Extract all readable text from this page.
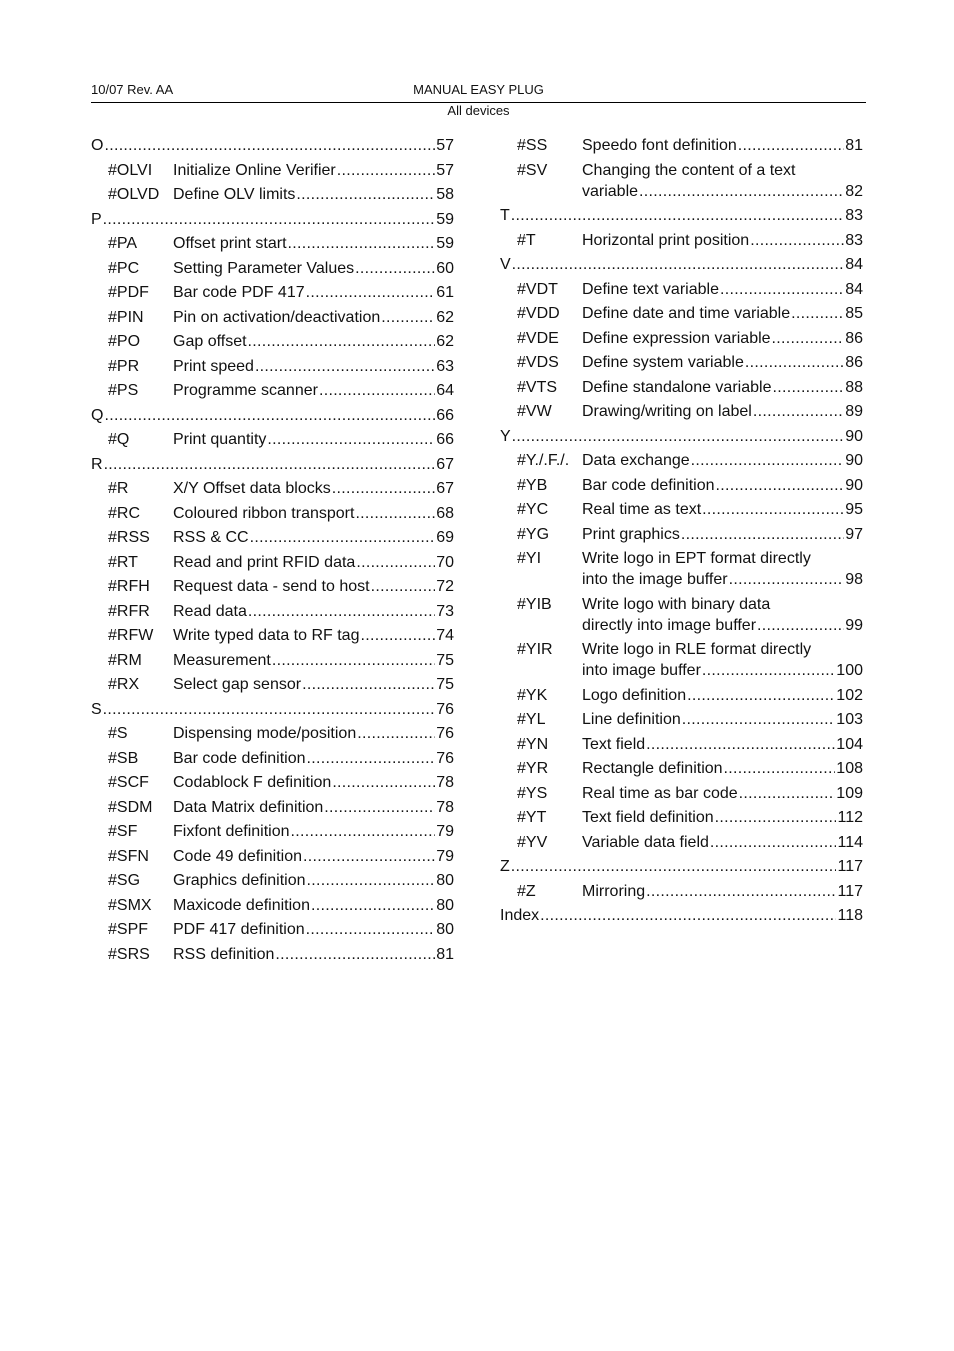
10/07 Rev. AA	MANUAL EASY PLUG
All devices
O .....	57
#OLVI	Initialize Online Verifier .....	57
#OLVD Define OLV limits .....	58
P .....	59
#PA	Offset print start .....	59
#PC	Setting Parameter Values .....	60
#PDF	Bar code PDF 417 .....	61
#PIN	Pin on activation/deactivation .....	62
#PO	Gap offset .....	62
#PR	Print speed .....	63
#PS	Programme scanner .....	64
Q .....	66
#Q	Print quantity .....	66
R .....	67
#R	X/Y Offset data blocks .....	67
#RC	Coloured ribbon transport .....	68
#RSS	RSS & CC .....	69
#RT	Read and print RFID data .....	70
#RFH	Request data - send to host .....	72
#RFR	Read data .....	73
#RFW	Write typed data to RF tag .....	74
#RM	Measurement .....	75
#RX	Select gap sensor .....	75
S .....	76
#S	Dispensing mode/position .....	76
#SB	Bar code definition .....	76
#SCF	Codablock F definition .....	78
#SDM	Data Matrix definition .....	78
#SF	Fixfont definition .....	79
#SFN	Code 49 definition .....	79
#SG	Graphics definition .....	80
#SMX	Maxicode definition .....	80
#SPF	PDF 417 definition .....	80
#SRS	RSS definition .....	81
#SS	Speedo font definition .....	81
#SV	Changing the content of a text
variable .....	82
T .....	83
#T	Horizontal print position .....	83
V .....	84
#VDT	Define text variable .....	84
#VDD	Define date and time variable .....	85
#VDE	Define expression variable .....	86
#VDS	Define system variable .....	86
#VTS	Define standalone variable .....	88
#VW	Drawing/writing on label .....	89
Y .....	90
#Y./.F./. Data exchange .....	90
#YB	Bar code definition .....	90
#YC	Real time as text .....	95
#YG	Print graphics .....	97
#YI	Write logo in EPT format directly
into the image buffer .....	98
#YIB	Write logo with binary data
directly into image buffer .....	99
#YIR	Write logo in RLE format directly
into image buffer .....	100
#YK	Logo definition .....	102
#YL	Line definition .....	103
#YN	Text field .....	104
#YR	Rectangle definition .....	108
#YS	Real time as bar code .....	109
#YT	Text field definition .....	112
#YV	Variable data field .....	114
Z .....	117
#Z	Mirroring .....	117
Index .....	118
